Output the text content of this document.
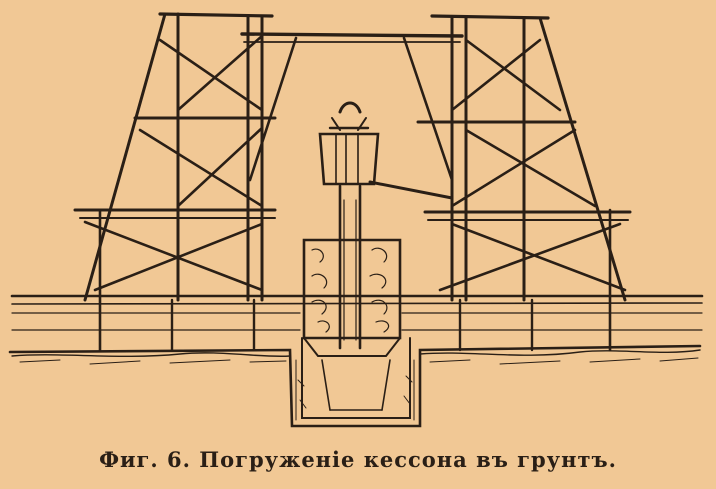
Фиг. 6. Погруженіе кессона въ грунтъ.
